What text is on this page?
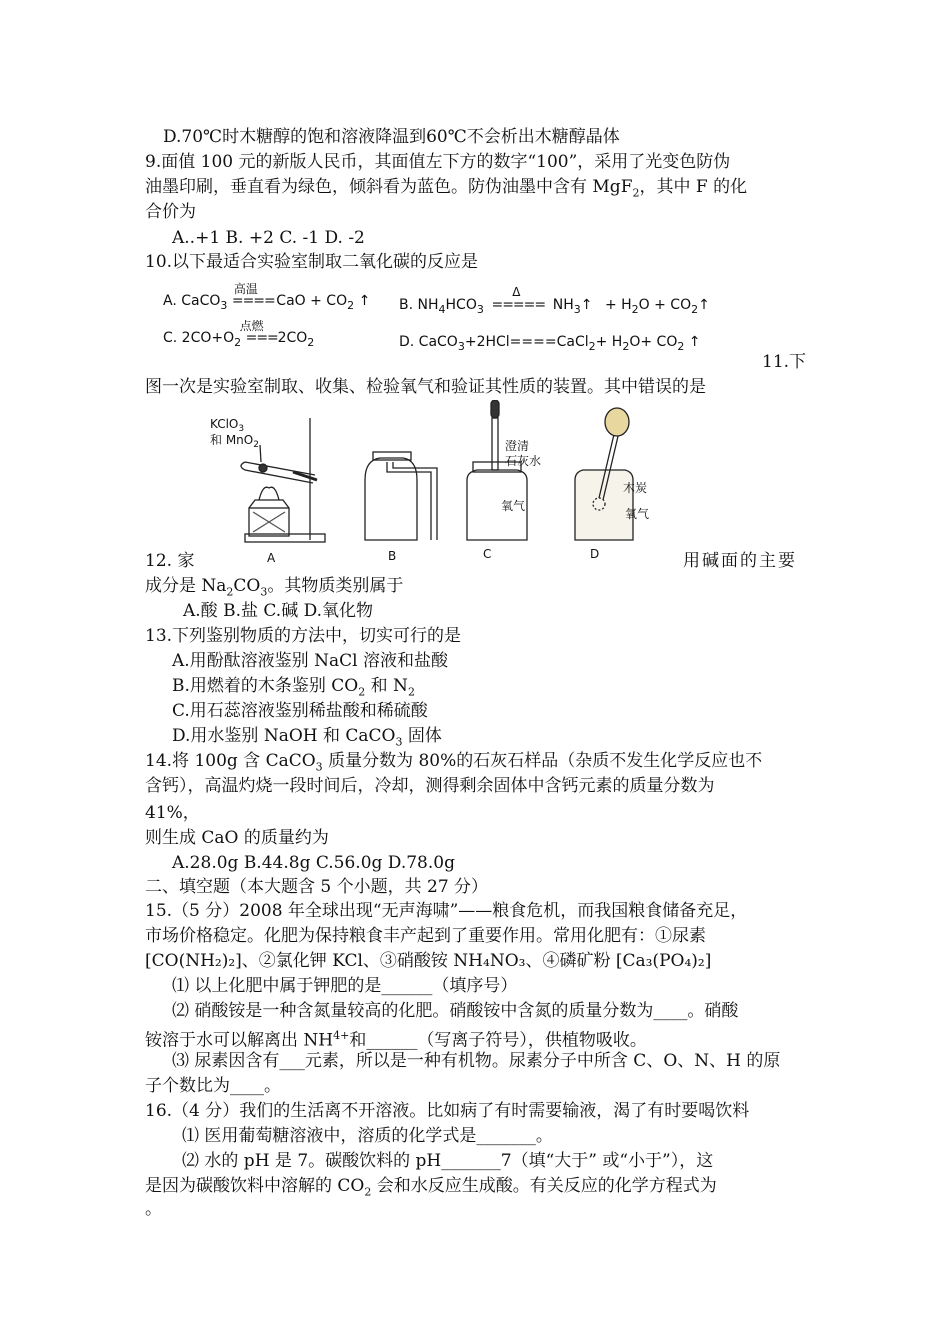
D.70℃时木糖醇的饱和溶液降温到60℃不会析出木糖醇晶体
9.面值 100 元的新版人民币，其面值左下方的数字“100”，采用了光变色防伪
油墨印刷，垂直看为绿色，倾斜看为蓝色。防伪油墨中含有 MgF$_2$，其中 F 的化
合价为
A..+1 B. +2 C. -1 D. -2
10.以下最适合实验室制取二氧化碳的反应是
A. CaCO$_3$
高温
==== CaO + $CO_2$ ↑ B. $NH_4HCO_3$
Δ
===== $NH_3↑ + H_2O$ + $CO_2↑$
C. $2CO+O_2$
点燃
$===2CO_2$	D. CaCO$_3$+2HCl====CaCl$_2$+ $H_2O+ CO_2$ ↑
11.下
图一次是实验室制取、收集、检验氧气和验证其性质的装置。其中错误的是
KClO$_3$
和 MnO$_2$	澄清
石灰水
氧气
木炭
氧气
A	B	C	D
12. 家	用碱面的主要
成分是 $Na_2CO_3$。其物质类别属于
A.酸 B.盐 C.碱 D.氧化物
13.下列鉴别物质的方法中，切实可行的是
A.用酚酞溶液鉴别 NaCl 溶液和盐酸
B.用燃着的木条鉴别 $CO_2$ 和 $N_2$
C.用石蕊溶液鉴别稀盐酸和稀硫酸
D.用水鉴别 NaOH 和 CaCO$_3$ 固体
14.将 100g 含 CaCO$_3$ 质量分数为 80%的石灰石样品（杂质不发生化学反应也不
含钙），高温灼烧一段时间后，冷却，测得剩余固体中含钙元素的质量分数为
41%，
则生成 CaO 的质量约为
A.28.0g B.44.8g C.56.0g D.78.0g
二、填空题（本大题含 5 个小题，共 27 分）
15.（5 分）2008 年全球出现“无声海啸”——粮食危机，而我国粮食储备充足，
市场价格稳定。化肥为保持粮食丰产起到了重要作用。常用化肥有：①尿素
[CO(NH₂)₂]、②氯化钾 KCl、③硝酸铵 NH₄NO₃、④磷矿粉 [Ca₃(PO₄)₂]
⑴ 以上化肥中属于钾肥的是______（填序号）
⑵ 硝酸铵是一种含氮量较高的化肥。硝酸铵中含氮的质量分数为____。硝酸
铵溶于水可以解离出 $NH^{4+}$和______（写离子符号），供植物吸收。
⑶ 尿素因含有___元素，所以是一种有机物。尿素分子中所含 C、O、N、H 的原
子个数比为____。
16.（4 分）我们的生活离不开溶液。比如病了有时需要输液，渴了有时要喝饮料
⑴ 医用葡萄糖溶液中，溶质的化学式是_______。
⑵ 水的 pH 是 7。碳酸饮料的 pH_______7（填“大于” 或“小于”），这
是因为碳酸饮料中溶解的 $CO_2$ 会和水反应生成酸。有关反应的化学方程式为
。
